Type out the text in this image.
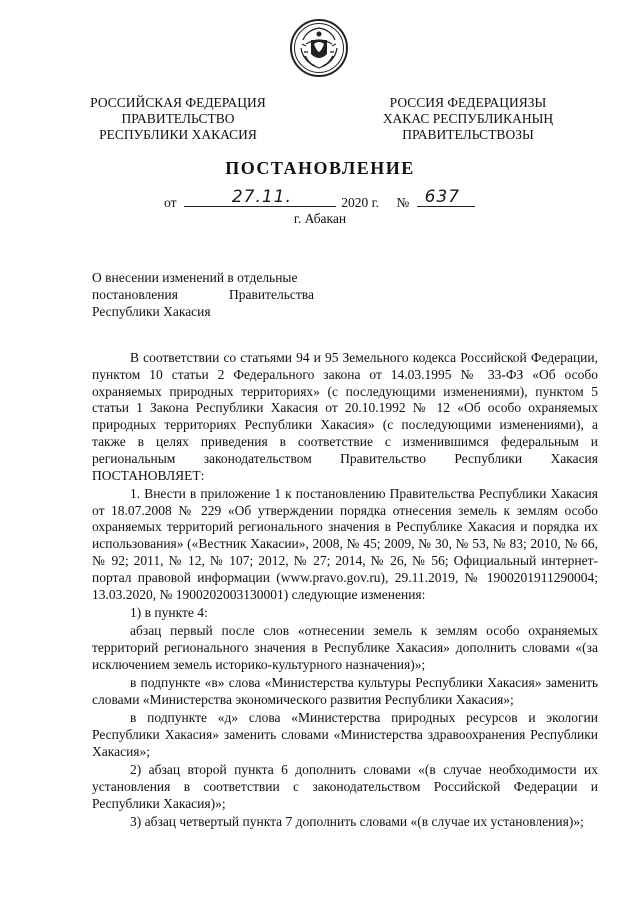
РОССИЙСКАЯ ФЕДЕРАЦИЯ
ПРАВИТЕЛЬСТВО
РЕСПУБЛИКИ ХАКАСИЯ
РОССИЯ ФЕДЕРАЦИЯЗЫ
ХАКАС РЕСПУБЛИКАНЫҢ
ПРАВИТЕЛЬСТВОЗЫ
ПОСТАНОВЛЕНИЕ
от	27.11.	2020 г. № 637
г. Абакан
О внесении изменений в отдельные
постановления Правительства
Республики Хакасия

В соответствии со статьями 94 и 95 Земельного кодекса Российской Федерации, пунктом 10 статьи 2 Федерального закона от 14.03.1995 № 33-ФЗ «Об особо охраняемых природных территориях» (с последующими изменениями), пунктом 5 статьи 1 Закона Республики Хакасия от 20.10.1992 № 12 «Об особо охраняемых природных территориях Республики Хакасия» (с последующими изменениями), а также в целях приведения в соответствие с изменившимся федеральным и региональным законодательством Правительство Республики Хакасия ПОСТАНОВЛЯЕТ:

1. Внести в приложение 1 к постановлению Правительства Республики Хакасия от 18.07.2008 № 229 «Об утверждении порядка отнесения земель к землям особо охраняемых территорий регионального значения в Республике Хакасия и порядка их использования» («Вестник Хакасии», 2008, № 45; 2009, № 30, № 53, № 83; 2010, № 66, № 92; 2011, № 12, № 107; 2012, № 27; 2014, № 26, № 56; Официальный интернет-портал правовой информации (www.pravo.gov.ru), 29.11.2019, № 1900201911290004; 13.03.2020, № 1900202003130001) следующие изменения:

1) в пункте 4:

абзац первый после слов «отнесении земель к землям особо охраняемых территорий регионального значения в Республике Хакасия» дополнить словами «(за исключением земель историко-культурного назначения)»;

в подпункте «в» слова «Министерства культуры Республики Хакасия» заменить словами «Министерства экономического развития Республики Хакасия»;

в подпункте «д» слова «Министерства природных ресурсов и экологии Республики Хакасия» заменить словами «Министерства здравоохранения Республики Хакасия»;

2) абзац второй пункта 6 дополнить словами «(в случае необходимости их установления в соответствии с законодательством Российской Федерации и Республики Хакасия)»;

3) абзац четвертый пункта 7 дополнить словами «(в случае их установления)»;
